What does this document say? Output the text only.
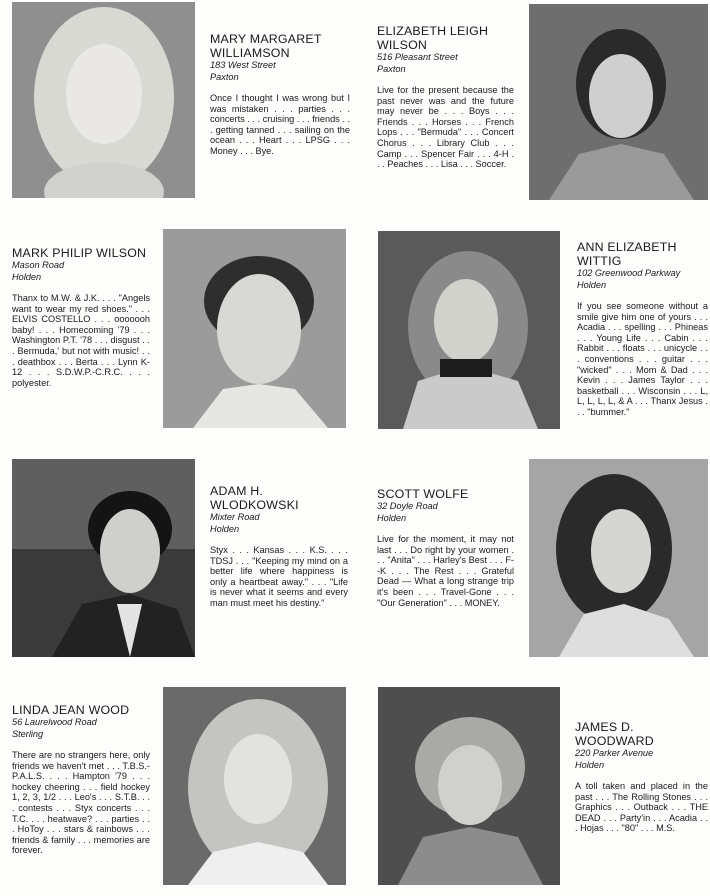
MARY MARGARET WILLIAMSON
183 West Street
Paxton
Once I thought I was wrong but I was mistaken . . . parties . . . concerts . . . cruising . . . friends . . . getting tanned . . . sailing on the ocean . . . Heart . . . LPSG . . . Money . . . Bye.
ELIZABETH LEIGH WILSON
516 Pleasant Street
Paxton
Live for the present because the past never was and the future may never be . . . Boys . . . Friends . . . Horses . . . French Lops . . . "Bermuda" . . . Concert Chorus . . . Library Club . . . Camp . . . Spencer Fair . . . 4-H . . . Peaches . . . Lisa . . . Soccer.
MARK PHILIP WILSON
Mason Road
Holden
Thanx to M.W. & J.K. . . . "Angels want to wear my red shoes." . . . ELVIS COSTELLO . . . ooooooh baby! . . . Homecoming '79 . . . Washington P.T. '78 . . . disgust . . . Bermuda,' but not with music! . . . deathbox . . . Berta . . . Lynn K-12 . . . S.D.W.P.-C.R.C. . . . polyester.
ANN ELIZABETH WITTIG
102 Greenwood Parkway
Holden
If you see someone without a smile give him one of yours . . . Acadia . . . spelling . . . Phineas . . . Young Life . . . Cabin . . . Rabbit . . . floats . . . unicycle . . . conventions . . . guitar . . . "wicked" . . . Mom & Dad . . . Kevin . . . James Taylor . . . basketball . . . Wisconsin . . . L, L, L, L, L, & A . . . Thanx Jesus . . . "bummer."
ADAM H. WLODKOWSKI
Mixter Road
Holden
Styx . . . Kansas . . . K.S. . . . TDSJ . . . "Keeping my mind on a better life where happiness is only a heartbeat away." . . . "Life is never what it seems and every man must meet his destiny."
SCOTT WOLFE
32 Doyle Road
Holden
Live for the moment, it may not last . . . Do right by your women . . . "Anita" . . . Harley's Best . . . F--K . . . The Rest . . . Grateful Dead — What a long strange trip it's been . . . Travel-Gone . . . "Our Generation" . . . MONEY.
LINDA JEAN WOOD
56 Laurelwood Road
Sterling
There are no strangers here, only friends we haven't met . . . T.B.S.-P.A.L.S. . . . Hampton '79 . . . hockey cheering . . . field hockey 1, 2, 3, 1/2 . . . Leo's . . . S.T.B. . . . contests . . . Styx concerts . . . T.C. . . . heatwave? . . . parties . . . HoToy . . . stars & rainbows . . . friends & family . . . memories are forever.
JAMES D. WOODWARD
220 Parker Avenue
Holden
A toll taken and placed in the past . . . The Rolling Stones . . . Graphics . . . Outback . . . THE DEAD . . . Party'in . . . Acadia . . . Hojas . . . "80" . . . M.S.
